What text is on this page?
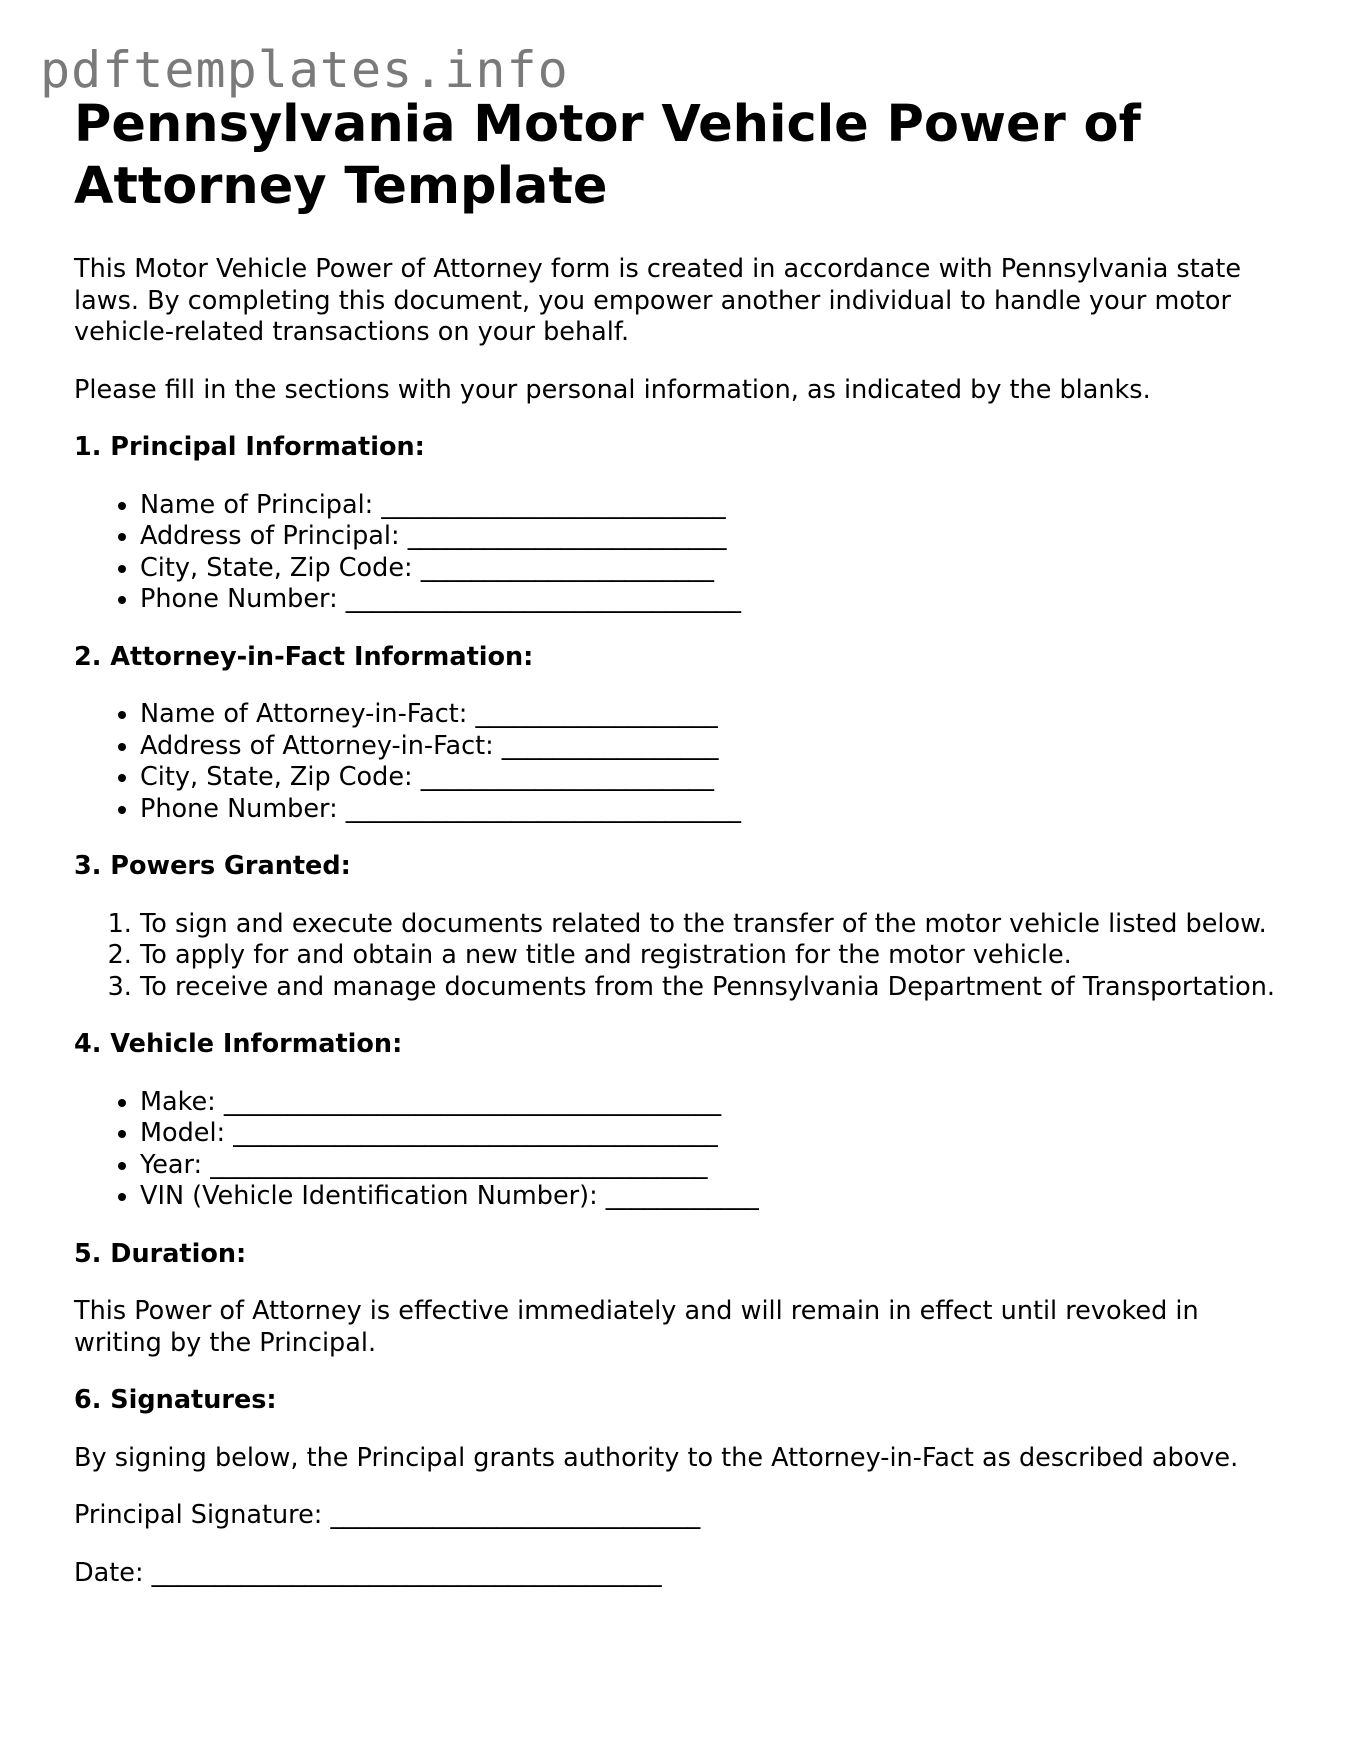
pdftemplates.info
Pennsylvania Motor Vehicle Power of Attorney Template

This Motor Vehicle Power of Attorney form is created in accordance with Pennsylvania state laws. By completing this document, you empower another individual to handle your motor vehicle-related transactions on your behalf.

Please fill in the sections with your personal information, as indicated by the blanks.

1. Principal Information:
• Name of Principal: ___________________________
• Address of Principal: _________________________
• City, State, Zip Code: _______________________
• Phone Number: _______________________________
2. Attorney-in-Fact Information:
• Name of Attorney-in-Fact: ___________________
• Address of Attorney-in-Fact: _________________
• City, State, Zip Code: _______________________
• Phone Number: _______________________________
3. Powers Granted:
1. To sign and execute documents related to the transfer of the motor vehicle listed below.
2. To apply for and obtain a new title and registration for the motor vehicle.
3. To receive and manage documents from the Pennsylvania Department of Transportation.
4. Vehicle Information:
• Make: _______________________________________
• Model: ______________________________________
• Year: _______________________________________
• VIN (Vehicle Identification Number): ____________
5. Duration:

This Power of Attorney is effective immediately and will remain in effect until revoked in writing by the Principal.

6. Signatures:

By signing below, the Principal grants authority to the Attorney-in-Fact as described above.

Principal Signature: _____________________________

Date: ________________________________________
